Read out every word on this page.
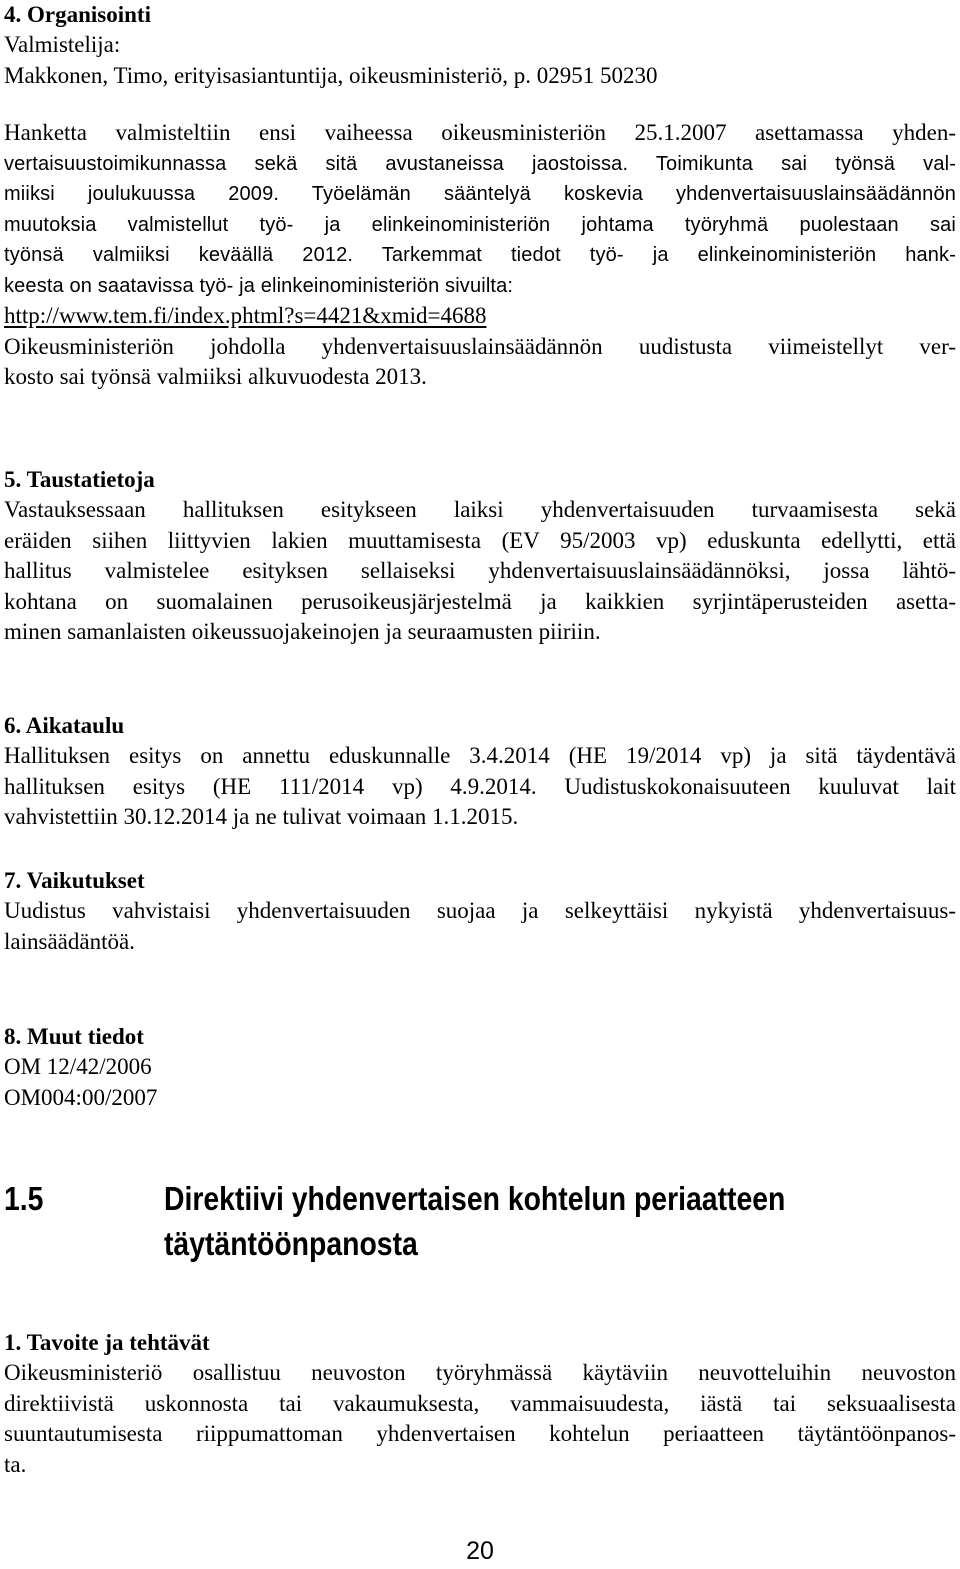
4. Organisointi

Valmistelija:

Makkonen, Timo, erityisasiantuntija, oikeusministeriö, p. 02951 50230

Hanketta valmisteltiin ensi vaiheessa oikeusministeriön 25.1.2007 asettamassa yhden-

vertaisuustoimikunnassa sekä sitä avustaneissa jaostoissa. Toimikunta sai työnsä val-

miiksi joulukuussa 2009. Työelämän sääntelyä koskevia yhdenvertaisuuslainsäädännön

muutoksia valmistellut työ- ja elinkeinoministeriön johtama työryhmä puolestaan sai

työnsä valmiiksi keväällä 2012. Tarkemmat tiedot työ- ja elinkeinoministeriön hank-

keesta on saatavissa työ- ja elinkeinoministeriön sivuilta:

http://www.tem.fi/index.phtml?s=4421&xmid=4688

Oikeusministeriön johdolla yhdenvertaisuuslainsäädännön uudistusta viimeistellyt ver-

kosto sai työnsä valmiiksi alkuvuodesta 2013.

5. Taustatietoja

Vastauksessaan hallituksen esitykseen laiksi yhdenvertaisuuden turvaamisesta sekä

eräiden siihen liittyvien lakien muuttamisesta (EV 95/2003 vp) eduskunta edellytti, että

hallitus valmistelee esityksen sellaiseksi yhdenvertaisuuslainsäädännöksi, jossa lähtö-

kohtana on suomalainen perusoikeusjärjestelmä ja kaikkien syrjintäperusteiden asetta-

minen samanlaisten oikeussuojakeinojen ja seuraamusten piiriin.

6. Aikataulu

Hallituksen esitys on annettu eduskunnalle 3.4.2014 (HE 19/2014 vp) ja sitä täydentävä

hallituksen esitys (HE 111/2014 vp) 4.9.2014. Uudistuskokonaisuuteen kuuluvat lait

vahvistettiin 30.12.2014 ja ne tulivat voimaan 1.1.2015.

7. Vaikutukset

Uudistus vahvistaisi yhdenvertaisuuden suojaa ja selkeyttäisi nykyistä yhdenvertaisuus-

lainsäädäntöä.

8. Muut tiedot

OM 12/42/2006

OM004:00/2007

1.5	Direktiivi yhdenvertaisen kohtelun periaatteen
täytäntöönpanosta

1. Tavoite ja tehtävät

Oikeusministeriö osallistuu neuvoston työryhmässä käytäviin neuvotteluihin neuvoston

direktiivistä uskonnosta tai vakaumuksesta, vammaisuudesta, iästä tai seksuaalisesta

suuntautumisesta riippumattoman yhdenvertaisen kohtelun periaatteen täytäntöönpanos-

ta.

20
